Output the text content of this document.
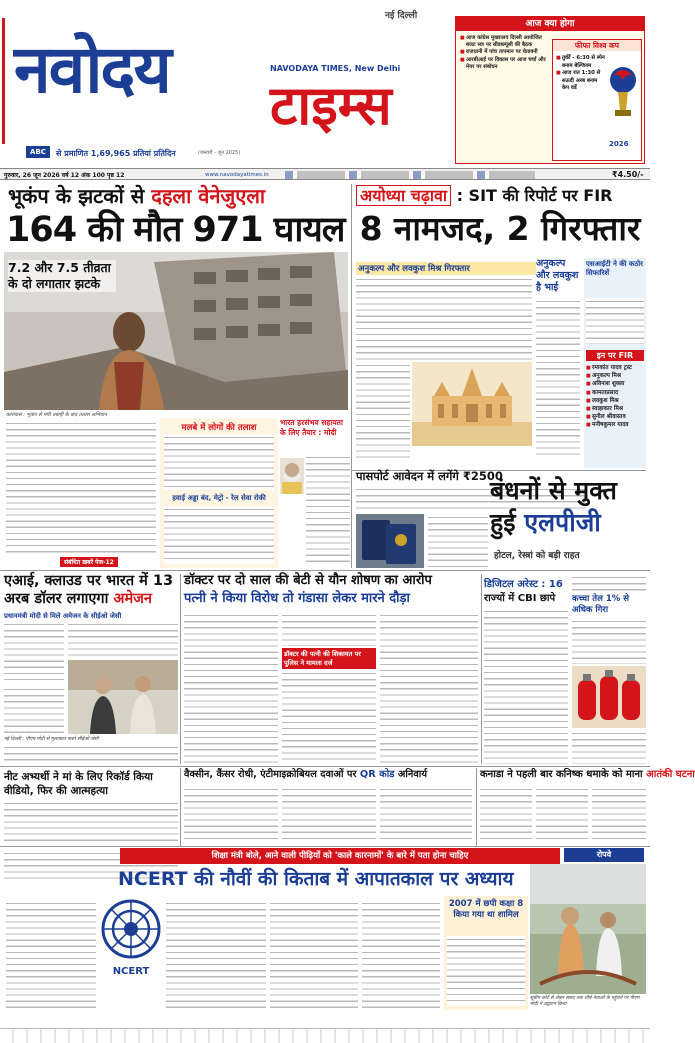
नई दिल्ली
नवोदय	NAVODAYA TIMES, New Delhi
टाइम्स
ABC	से प्रमाणित 1,69,965 प्रतियां प्रतिदिन	(जनवरी - जून 2025)
आज क्या होगा
■ आज कांग्रेस मुख्यालय दिल्ली आयोजित बजट सत्र पर सीडब्ल्यूसी की बैठक
■ राजधानी में पांच तापमान पर चेतावनी
■ आरबीआई पर विकास पर आज चर्चा और मेयर पर संबोधन
फीफा विश्व कप
■ तुर्की - 6:30 से स्पेन बनाम बेल्जियम
■ आज रात 1:30 से सऊदी अरब बनाम केप वर्डे
2026
गुरुवार, 26 जून 2026 वर्ष 12 अंक 100 पृष्ठ 12	www.navodayatimes.in	₹4.50/-
भूकंप के झटकों से दहला वेनेजुएला
164 की मौत 971 घायल
7.2 और 7.5 तीव्रता के दो लगातार झटके
काराकस : भूकंप से मची तबाही के बाद तलाश अभियान
संबंधित ख़बरें पेज-12
मलबे में लोगों की तलाश
हवाई अड्डा बंद, मेट्रो - रेल सेवा रोकी
भारत हरसंभव सहायता के लिए तैयार : मोदी
अयोध्या चढ़ावा : SIT की रिपोर्ट पर FIR
8 नामजद, 2 गिरफ्तार
अनुकल्प और लवकुश मिश्र गिरफ्तार	अनुकल्प और लवकुश है भाई
एसआईटी ने की कठोर सिफारिशें
इन पर FIR
■ रमाकांत यादव ट्रस्ट
■ अनुकल्प मिश्र
■ अविनाश शुक्ला
■ कामताप्रसाद
■ लवकुश मिश्र
■ स्वाहाकार मिश्र
■ सुनील श्रीवास्तव
■ मनीषकुमार यादव
पासपोर्ट आवेदन में लगेंगे ₹2500
बंधनों से मुक्त
हुई एलपीजी
होटल, रेस्त्रां को बड़ी राहत
एआई, क्लाउड पर भारत में 13
अरब डॉलर लगाएगा अमेजन
प्रधानमंत्री मोदी से मिले अमेजन के सीईओ जेसी
नई दिल्ली : पीएम मोदी से मुलाकात करते सीईओ जेसी
डॉक्टर पर दो साल की बेटी से यौन शोषण का आरोप
पत्नी ने किया विरोध तो गंडासा लेकर मारने दौड़ा
डॉक्टर की पत्नी की शिकायत पर पुलिस ने मामला दर्ज
डिजिटल अरेस्ट : 16
राज्यों में CBI छापे	कच्चा तेल 1% से अधिक गिरा
वैक्सीन, कैंसर रोधी, एंटीमाइक्रोबियल दवाओं पर QR कोड अनिवार्य	कनाडा ने पहली बार कनिष्क धमाके को माना आतंकी घटना
नीट अभ्यर्थी ने मां के लिए रिकॉर्ड किया वीडियो, फिर की आत्महत्या
शिक्षा मंत्री बोले, आने वाली पीढ़ियों को 'काले कारनामों' के बारे में पता होना चाहिए	रोपवे
NCERT की नौवीं की किताब में आपातकाल पर अध्याय
NCERT
2007 में छपी कक्षा 8 किया गया था शामिल
सुप्रीम कोर्ट से लेकर संसद तक शीर्ष नेताओं के पहुंचने पर पीएम मोदी ने उद्घाटन किया
